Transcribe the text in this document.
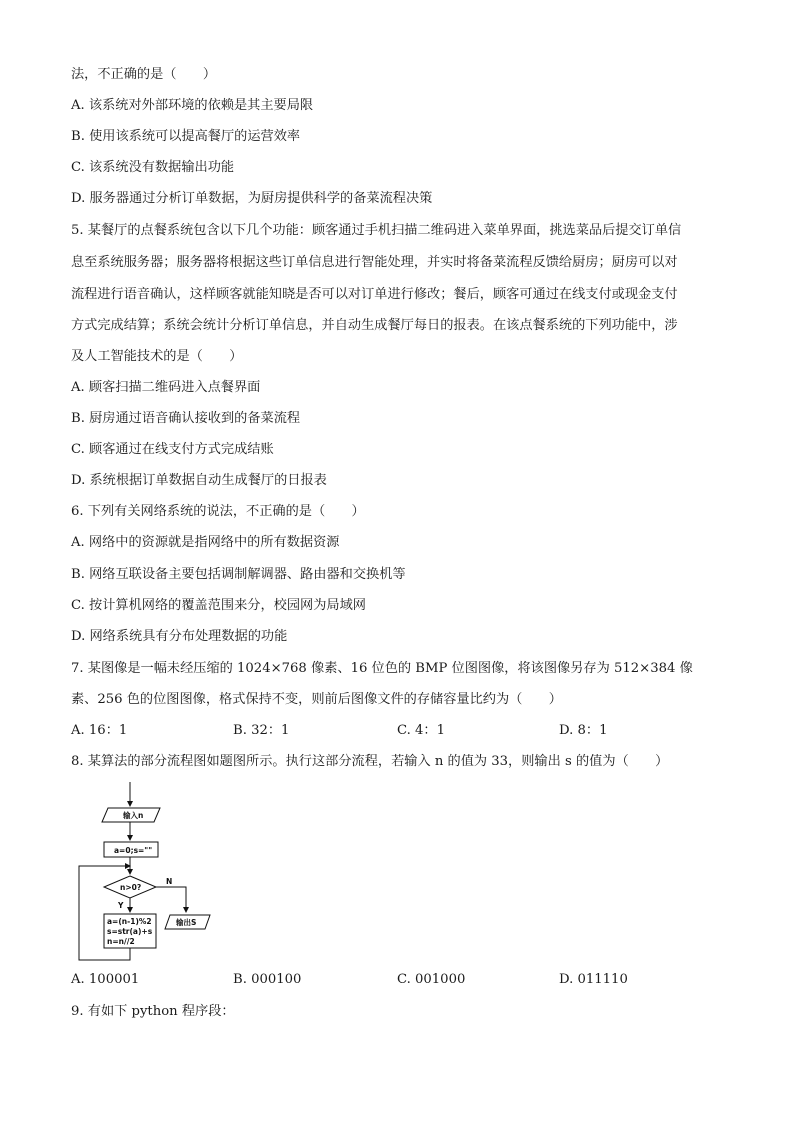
法，不正确的是（　　）
A. 该系统对外部环境的依赖是其主要局限
B. 使用该系统可以提高餐厅的运营效率
C. 该系统没有数据输出功能
D. 服务器通过分析订单数据，为厨房提供科学的备菜流程决策
5. 某餐厅的点餐系统包含以下几个功能：顾客通过手机扫描二维码进入菜单界面，挑选菜品后提交订单信
息至系统服务器；服务器将根据这些订单信息进行智能处理，并实时将备菜流程反馈给厨房；厨房可以对
流程进行语音确认，这样顾客就能知晓是否可以对订单进行修改；餐后，顾客可通过在线支付或现金支付
方式完成结算；系统会统计分析订单信息，并自动生成餐厅每日的报表。在该点餐系统的下列功能中，涉
及人工智能技术的是（　　）
A. 顾客扫描二维码进入点餐界面
B. 厨房通过语音确认接收到的备菜流程
C. 顾客通过在线支付方式完成结账
D. 系统根据订单数据自动生成餐厅的日报表
6. 下列有关网络系统的说法，不正确的是（　　）
A. 网络中的资源就是指网络中的所有数据资源
B. 网络互联设备主要包括调制解调器、路由器和交换机等
C. 按计算机网络的覆盖范围来分，校园网为局域网
D. 网络系统具有分布处理数据的功能
7. 某图像是一幅未经压缩的 1024×768 像素、16 位色的 BMP 位图图像，将该图像另存为 512×384 像
素、256 色的位图图像，格式保持不变，则前后图像文件的存储容量比约为（　　）
A. 16：1	B. 32：1	C. 4：1	D. 8：1
8. 某算法的部分流程图如题图所示。执行这部分流程，若输入 n 的值为 33，则输出 s 的值为（　　）
输入n
a=0;s=""
n>0?
N
输出S
Y
a=(n-1)%2
s=str(a)+s
n=n//2
A. 100001	B. 000100	C. 001000	D. 011110
9. 有如下 python 程序段：
